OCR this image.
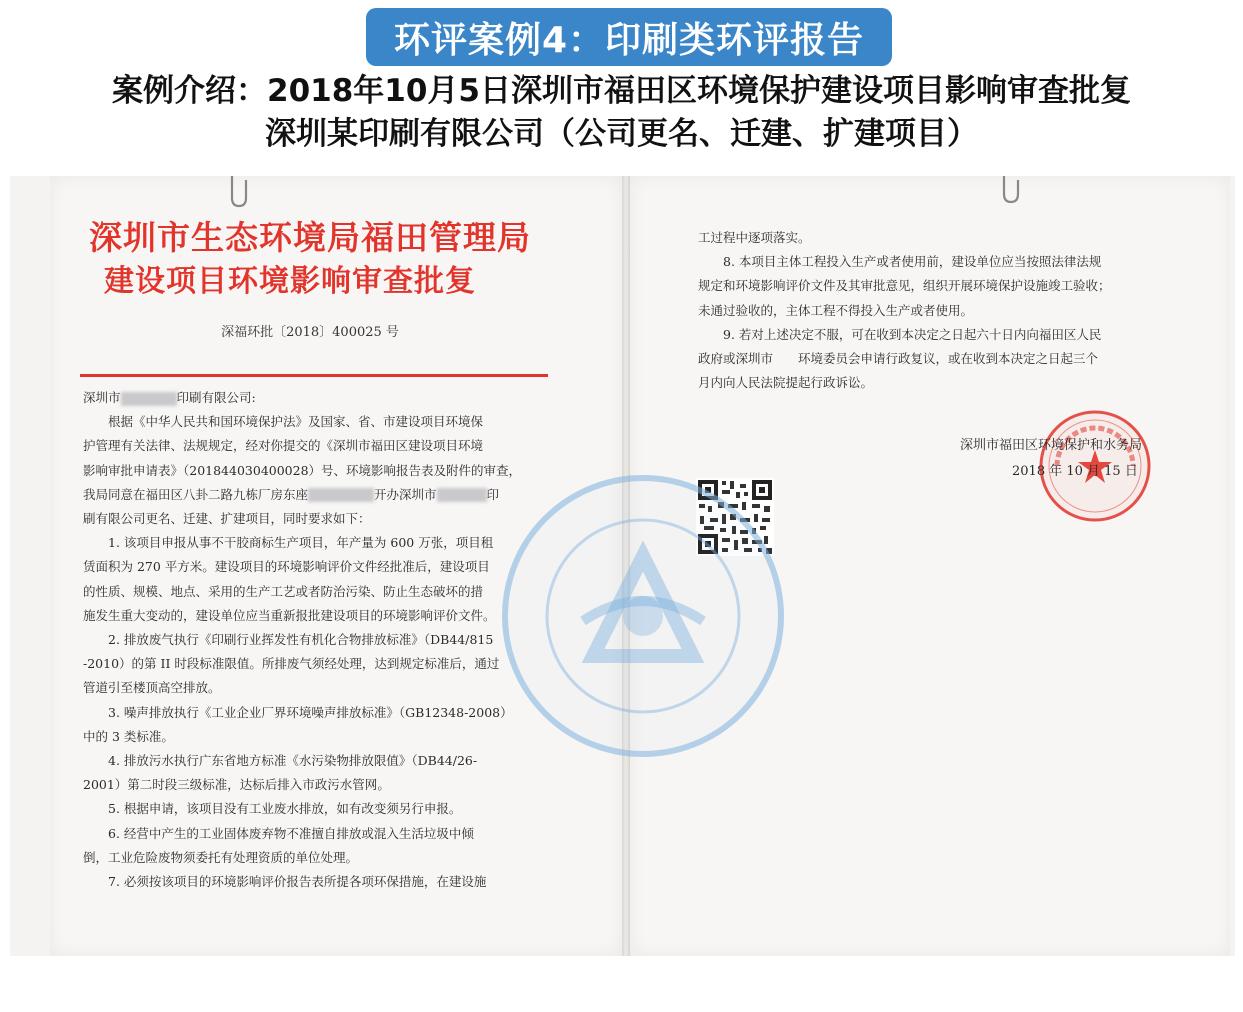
环评案例4：印刷类环评报告
案例介绍：2018年10月5日深圳市福田区环境保护建设项目影响审查批复
深圳某印刷有限公司（公司更名、迁建、扩建项目）
深圳市生态环境局福田管理局
建设项目环境影响审查批复
深福环批〔2018〕400025 号

深圳市	印刷有限公司:

　　根据《中华人民共和国环境保护法》及国家、省、市建设项目环境保

护管理有关法律、法规规定，经对你提交的《深圳市福田区建设项目环境

影响审批申请表》（201844030400028）号、环境影响报告表及附件的审查，

我局同意在福田区八卦二路九栋厂房东座	开办深圳市	印

刷有限公司更名、迁建、扩建项目，同时要求如下：

　　1. 该项目申报从事不干胶商标生产项目，年产量为 600 万张，项目租

赁面积为 270 平方米。建设项目的环境影响评价文件经批准后，建设项目

的性质、规模、地点、采用的生产工艺或者防治污染、防止生态破坏的措

施发生重大变动的，建设单位应当重新报批建设项目的环境影响评价文件。

　　2. 排放废气执行《印刷行业挥发性有机化合物排放标准》（DB44/815

-2010）的第 II 时段标准限值。所排废气须经处理，达到规定标准后，通过

管道引至楼顶高空排放。

　　3. 噪声排放执行《工业企业厂界环境噪声排放标准》（GB12348-2008）

中的 3 类标准。

　　4. 排放污水执行广东省地方标准《水污染物排放限值》（DB44/26-

2001）第二时段三级标准，达标后排入市政污水管网。

　　5. 根据申请，该项目没有工业废水排放，如有改变须另行申报。

　　6. 经营中产生的工业固体废弃物不准擅自排放或混入生活垃圾中倾

倒，工业危险废物须委托有处理资质的单位处理。

　　7. 必须按该项目的环境影响评价报告表所提各项环保措施，在建设施

工过程中逐项落实。

　　8. 本项目主体工程投入生产或者使用前，建设单位应当按照法律法规

规定和环境影响评价文件及其审批意见，组织开展环境保护设施竣工验收；

未通过验收的，主体工程不得投入生产或者使用。

　　9. 若对上述决定不服，可在收到本决定之日起六十日内向福田区人民

政府或深圳市　　环境委员会申请行政复议，或在收到本决定之日起三个

月内向人民法院提起行政诉讼。

深圳市福田区环境保护和水务局
2018 年 10 月 15 日
